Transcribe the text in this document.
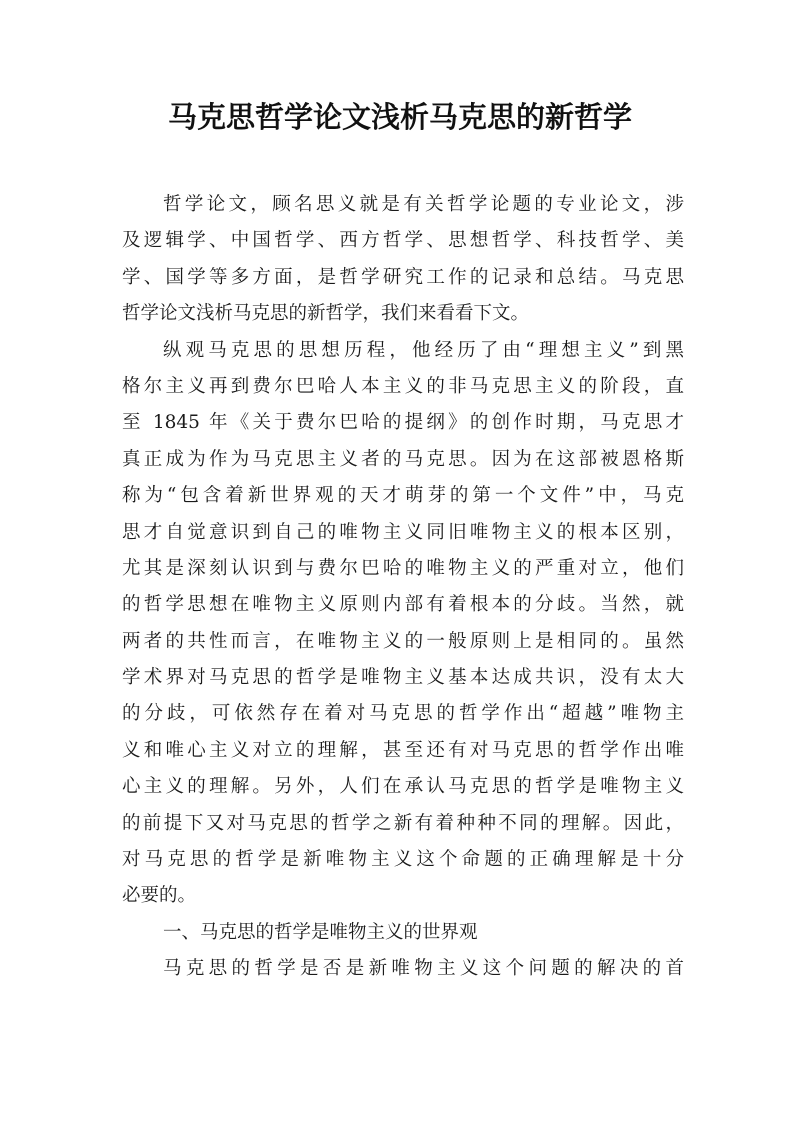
马克思哲学论文浅析马克思的新哲学
哲学论文，顾名思义就是有关哲学论题的专业论文，涉
及逻辑学、中国哲学、西方哲学、思想哲学、科技哲学、美
学、国学等多方面，是哲学研究工作的记录和总结。马克思
哲学论文浅析马克思的新哲学，我们来看看下文。
纵观马克思的思想历程，他经历了由“理想主义”到黑
格尔主义再到费尔巴哈人本主义的非马克思主义的阶段，直
至 1845 年《关于费尔巴哈的提纲》的创作时期，马克思才
真正成为作为马克思主义者的马克思。因为在这部被恩格斯
称为“包含着新世界观的天才萌芽的第一个文件”中，马克
思才自觉意识到自己的唯物主义同旧唯物主义的根本区别，
尤其是深刻认识到与费尔巴哈的唯物主义的严重对立，他们
的哲学思想在唯物主义原则内部有着根本的分歧。当然，就
两者的共性而言，在唯物主义的一般原则上是相同的。虽然
学术界对马克思的哲学是唯物主义基本达成共识，没有太大
的分歧，可依然存在着对马克思的哲学作出“超越”唯物主
义和唯心主义对立的理解，甚至还有对马克思的哲学作出唯
心主义的理解。另外，人们在承认马克思的哲学是唯物主义
的前提下又对马克思的哲学之新有着种种不同的理解。因此，
对马克思的哲学是新唯物主义这个命题的正确理解是十分
必要的。
一、马克思的哲学是唯物主义的世界观
马克思的哲学是否是新唯物主义这个问题的解决的首
